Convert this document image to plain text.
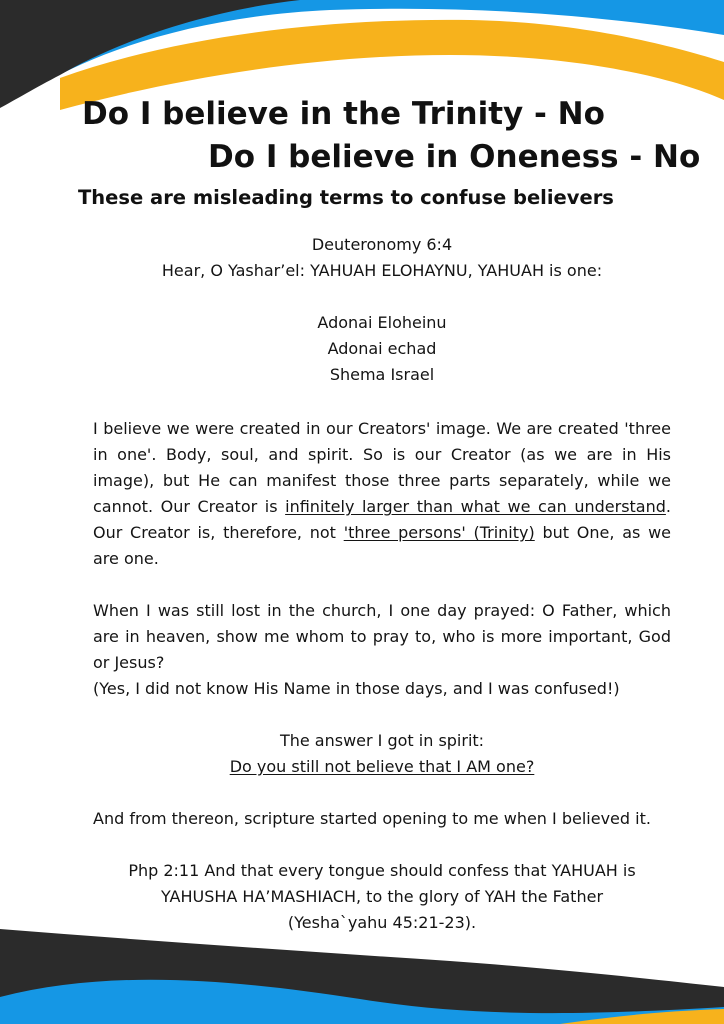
Do I believe in the Trinity - No
Do I believe in Oneness - No
These are misleading terms to confuse believers

Deuteronomy 6:4

Hear, O Yashar’el: YAHUAH ELOHAYNU, YAHUAH is one:

Adonai Eloheinu

Adonai echad

Shema Israel

I believe we were created in our Creators' image. We are created 'three in one'. Body, soul, and spirit. So is our Creator (as we are in His image), but He can manifest those three parts separately, while we cannot. Our Creator is infinitely larger than what we can understand. Our Creator is, therefore, not 'three persons' (Trinity) but One, as we are one.

When I was still lost in the church, I one day prayed: O Father, which are in heaven, show me whom to pray to, who is more important, God or Jesus?

(Yes, I did not know His Name in those days, and I was confused!)

The answer I got in spirit:

Do you still not believe that I AM one?

And from thereon, scripture started opening to me when I believed it.

Php 2:11 And that every tongue should confess that YAHUAH is

YAHUSHA HA’MASHIACH, to the glory of YAH the Father

(Yesha`yahu 45:21-23).
